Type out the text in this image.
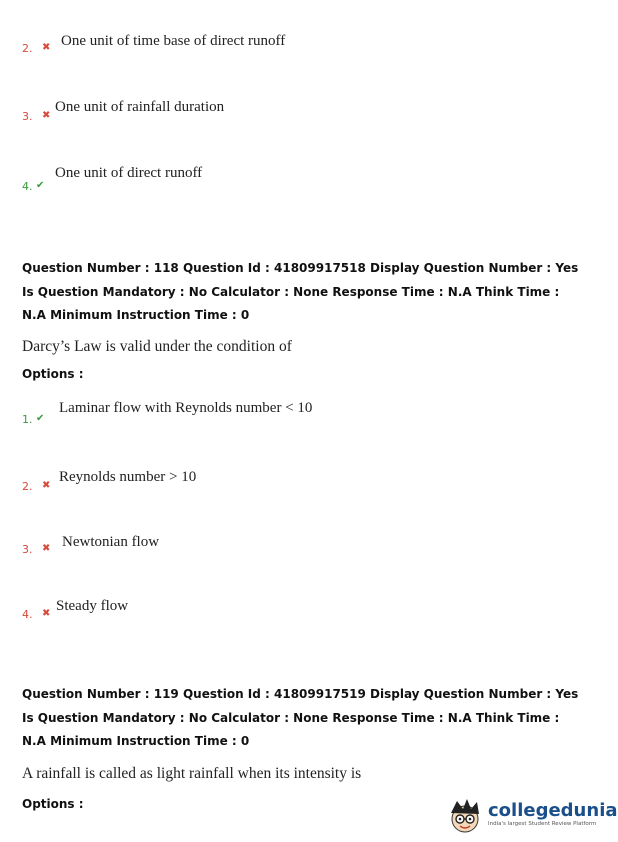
2. ✖ One unit of time base of direct runoff
3. ✖
One unit of rainfall duration
4. ✔
One unit of direct runoff
Question Number : 118 Question Id : 41809917518 Display Question Number : Yes Is Question Mandatory : No Calculator : None Response Time : N.A Think Time : N.A Minimum Instruction Time : 0
Darcy’s Law is valid under the condition of
Options :
1. ✔
Laminar flow with Reynolds number < 10
2. ✖
Reynolds number > 10
3. ✖ Newtonian flow
4. ✖ Steady flow
Question Number : 119 Question Id : 41809917519 Display Question Number : Yes Is Question Mandatory : No Calculator : None Response Time : N.A Think Time : N.A Minimum Instruction Time : 0
A rainfall is called as light rainfall when its intensity is
Options :	collegedunia
India's largest Student Review Platform
